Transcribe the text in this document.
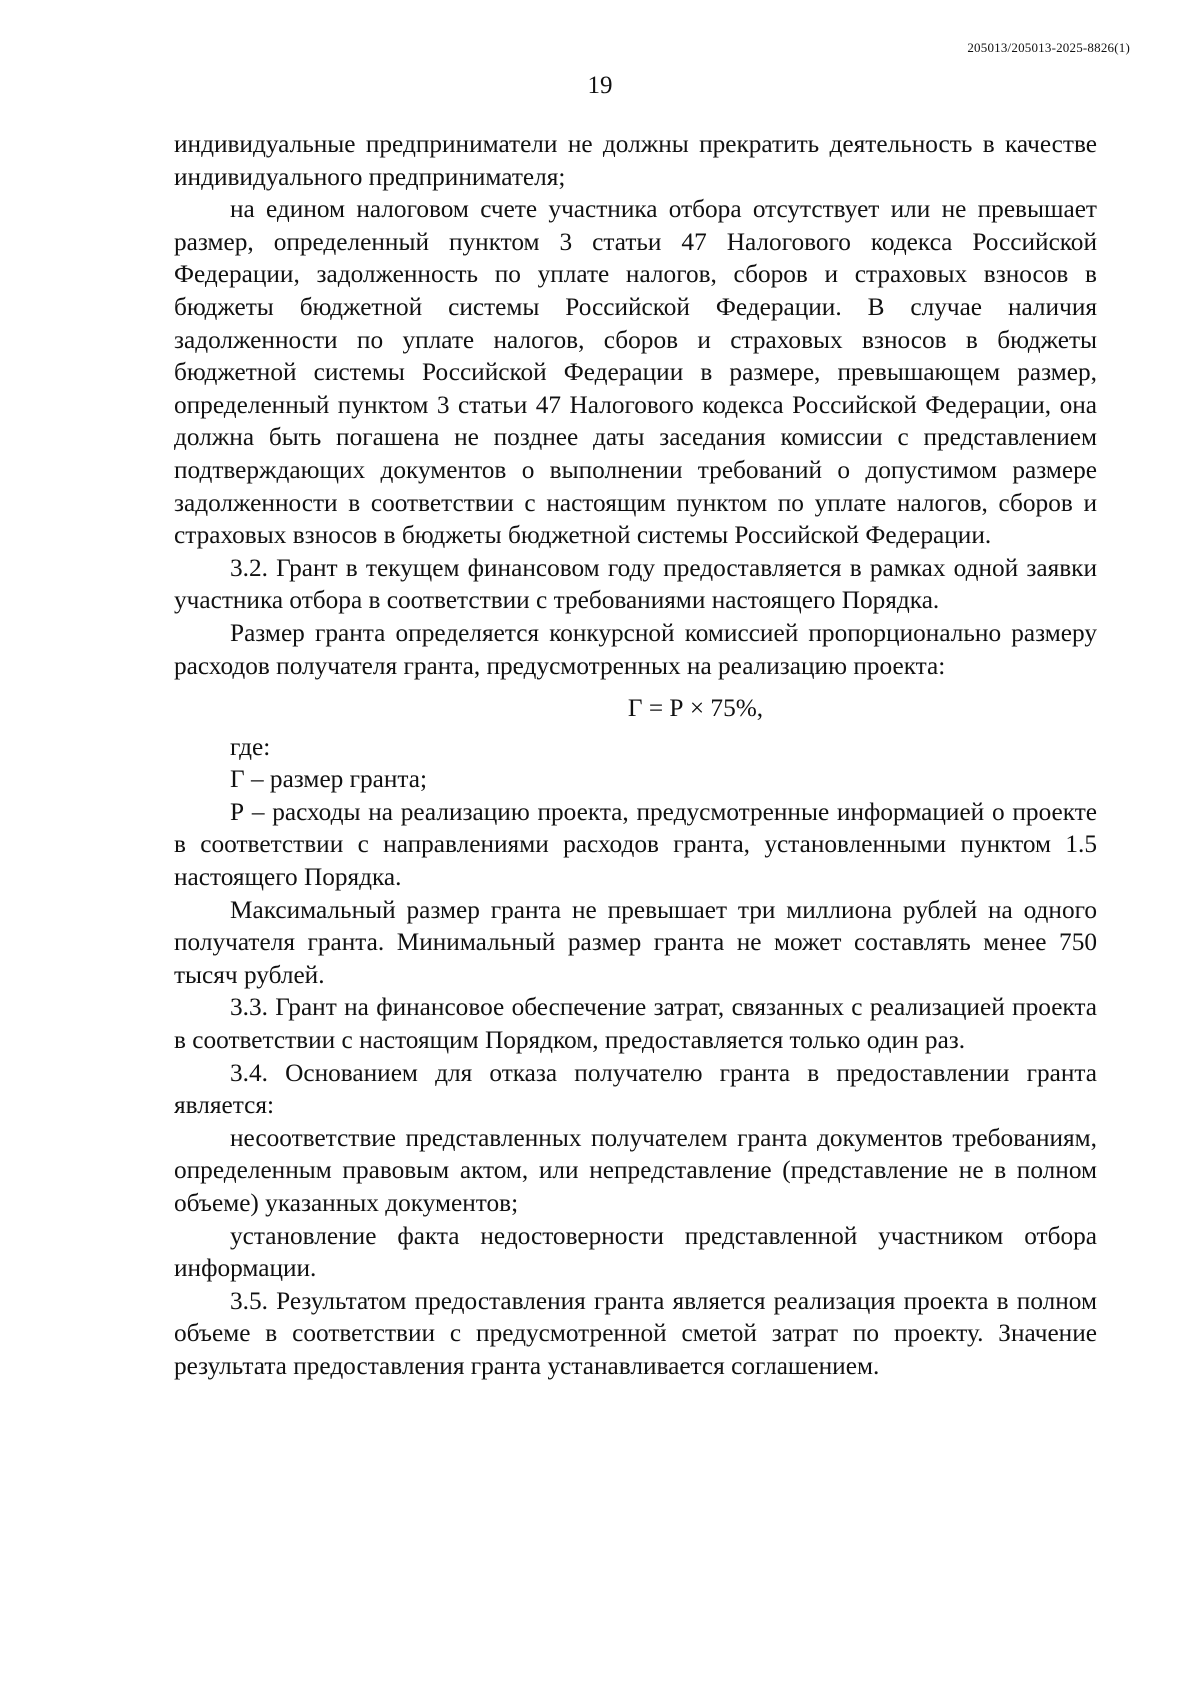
205013/205013-2025-8826(1)
19

индивидуальные предприниматели не должны прекратить деятельность в качестве индивидуального предпринимателя;

на едином налоговом счете участника отбора отсутствует или не превышает размер, определенный пунктом 3 статьи 47 Налогового кодекса Российской Федерации, задолженность по уплате налогов, сборов и страховых взносов в бюджеты бюджетной системы Российской Федерации. В случае наличия задолженности по уплате налогов, сборов и страховых взносов в бюджеты бюджетной системы Российской Федерации в размере, превышающем размер, определенный пунктом 3 статьи 47 Налогового кодекса Российской Федерации, она должна быть погашена не позднее даты заседания комиссии с представлением подтверждающих документов о выполнении требований о допустимом размере задолженности в соответствии с настоящим пунктом по уплате налогов, сборов и страховых взносов в бюджеты бюджетной системы Российской Федерации.

3.2. Грант в текущем финансовом году предоставляется в рамках одной заявки участника отбора в соответствии с требованиями настоящего Порядка.

Размер гранта определяется конкурсной комиссией пропорционально размеру расходов получателя гранта, предусмотренных на реализацию проекта:

Г = Р × 75%,

где:

Г – размер гранта;

Р – расходы на реализацию проекта, предусмотренные информацией о проекте в соответствии с направлениями расходов гранта, установленными пунктом 1.5 настоящего Порядка.

Максимальный размер гранта не превышает три миллиона рублей на одного получателя гранта. Минимальный размер гранта не может составлять менее 750 тысяч рублей.

3.3. Грант на финансовое обеспечение затрат, связанных с реализацией проекта в соответствии с настоящим Порядком, предоставляется только один раз.

3.4. Основанием для отказа получателю гранта в предоставлении гранта является:

несоответствие представленных получателем гранта документов требованиям, определенным правовым актом, или непредставление (представление не в полном объеме) указанных документов;

установление факта недостоверности представленной участником отбора информации.

3.5. Результатом предоставления гранта является реализация проекта в полном объеме в соответствии с предусмотренной сметой затрат по проекту. Значение результата предоставления гранта устанавливается соглашением.
